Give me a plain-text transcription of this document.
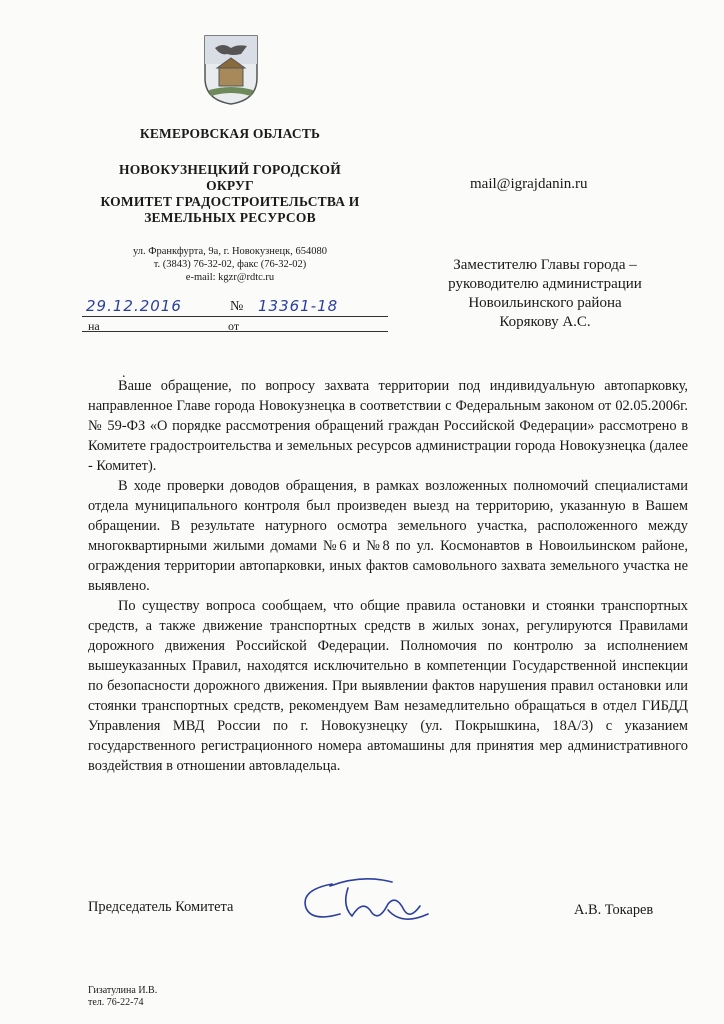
КЕМЕРОВСКАЯ ОБЛАСТЬ
НОВОКУЗНЕЦКИЙ ГОРОДСКОЙ
ОКРУГ
КОМИТЕТ ГРАДОСТРОИТЕЛЬСТВА И
ЗЕМЕЛЬНЫХ РЕСУРСОВ
ул. Франкфурта, 9а, г. Новокузнецк, 654080
т. (3843) 76-32-02, факс (76-32-02)
e-mail: kgzr@rdtc.ru
mail@igrajdanin.ru
Заместителю Главы города –
руководителю администрации
Новоильинского района
Корякову А.С.
29.12.2016	№ 13361-18
на	от
.

Ваше обращение, по вопросу захвата территории под индивидуальную автопарковку, направленное Главе города Новокузнецка в соответствии с Федеральным законом от 02.05.2006г. № 59-ФЗ «О порядке рассмотрения обращений граждан Российской Федерации» рассмотрено в Комитете градостроительства и земельных ресурсов администрации города Новокузнецка (далее - Комитет).

В ходе проверки доводов обращения, в рамках возложенных полномочий специалистами отдела муниципального контроля был произведен выезд на территорию, указанную в Вашем обращении. В результате натурного осмотра земельного участка, расположенного между многоквартирными жилыми домами №6 и №8 по ул. Космонавтов в Новоильинском районе, ограждения территории автопарковки, иных фактов самовольного захвата земельного участка не выявлено.

По существу вопроса сообщаем, что общие правила остановки и стоянки транспортных средств, а также движение транспортных средств в жилых зонах, регулируются Правилами дорожного движения Российской Федерации. Полномочия по контролю за исполнением вышеуказанных Правил, находятся исключительно в компетенции Государственной инспекции по безопасности дорожного движения. При выявлении фактов нарушения правил остановки или стоянки транспортных средств, рекомендуем Вам незамедлительно обращаться в отдел ГИБДД Управления МВД России по г. Новокузнецку (ул. Покрышкина, 18А/3) с указанием государственного регистрационного номера автомашины для принятия мер административного воздействия в отношении автовладельца.

Председатель Комитета	А.В. Токарев
Гизатулина И.В.
тел. 76-22-74
